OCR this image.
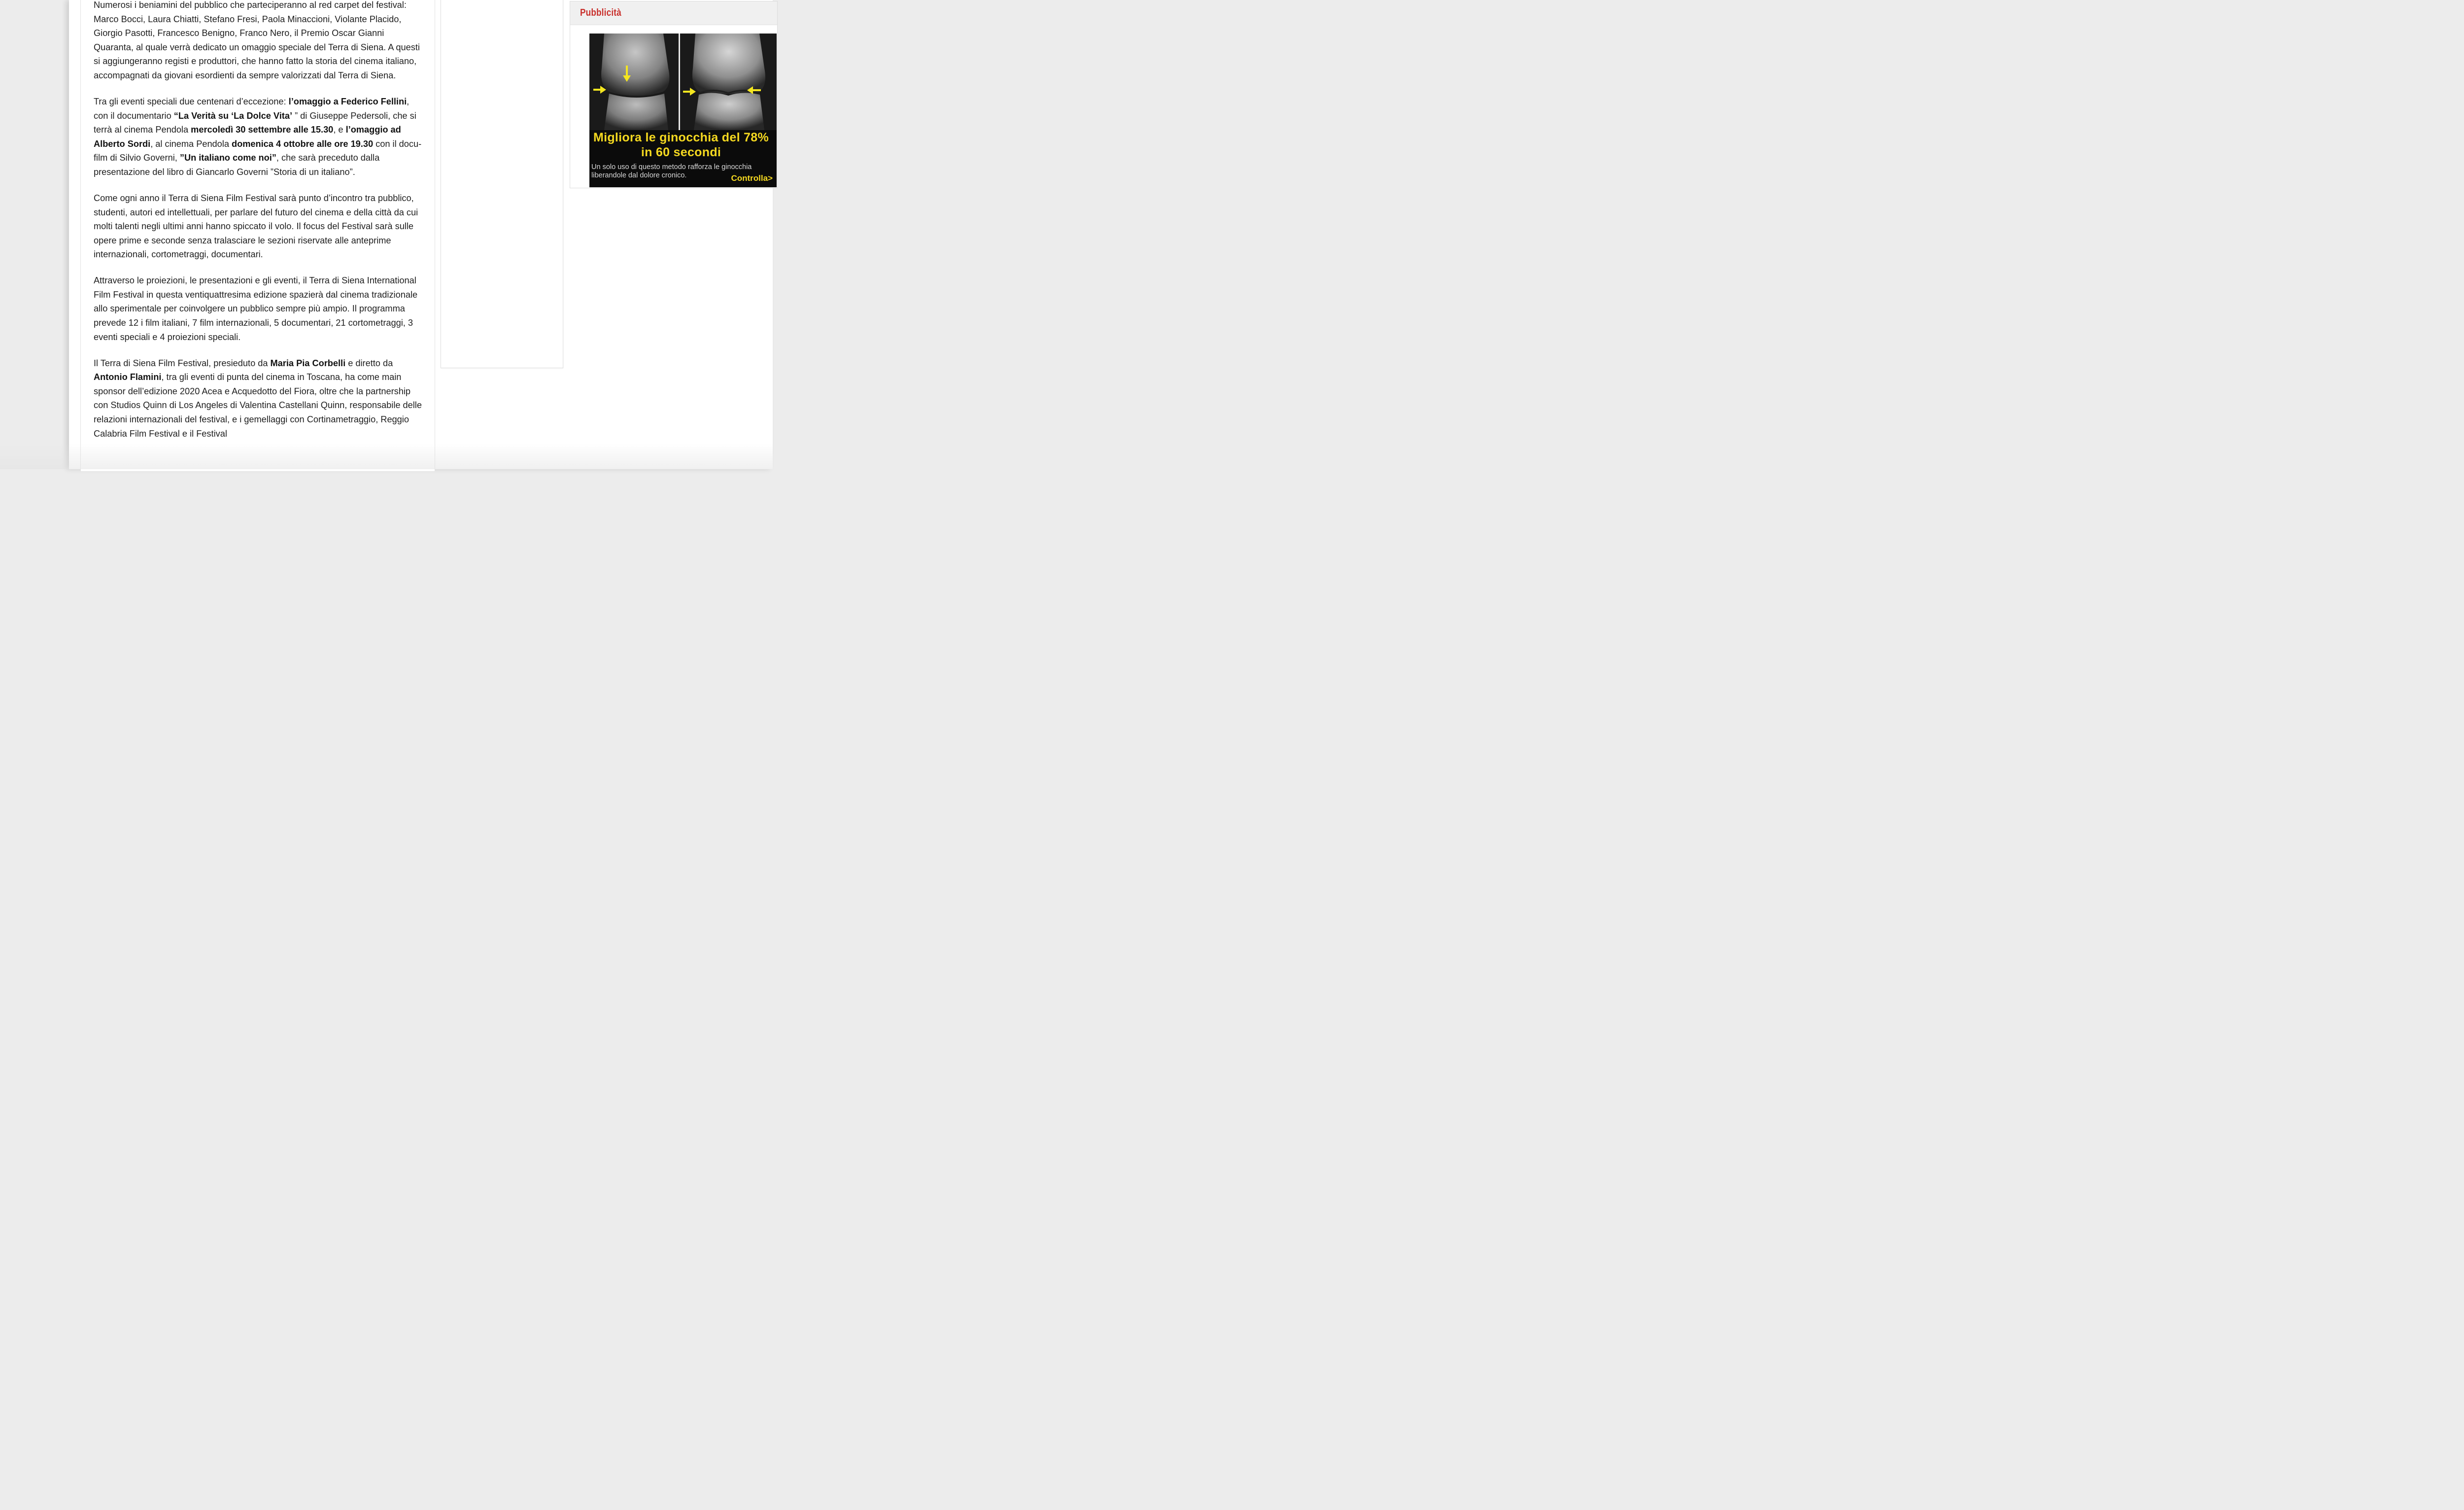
Numerosi i beniamini del pubblico che parteciperanno al red carpet del festival: Marco Bocci, Laura Chiatti, Stefano Fresi, Paola Minaccioni, Violante Placido, Giorgio Pasotti, Francesco Benigno, Franco Nero, il Premio Oscar Gianni Quaranta, al quale verrà dedicato un omaggio speciale del Terra di Siena. A questi si aggiungeranno registi e produttori, che hanno fatto la storia del cinema italiano, accompagnati da giovani esordienti da sempre valorizzati dal Terra di Siena.

Tra gli eventi speciali due centenari d’eccezione: l’omaggio a Federico Fellini, con il documentario “La Verità su ‘La Dolce Vita’ ” di Giuseppe Pedersoli, che si terrà al cinema Pendola mercoledì 30 settembre alle 15.30, e l’omaggio ad Alberto Sordi, al cinema Pendola domenica 4 ottobre alle ore 19.30 con il docu-film di Silvio Governi, ”Un italiano come noi”, che sarà preceduto dalla presentazione del libro di Giancarlo Governi ”Storia di un italiano”.

Come ogni anno il Terra di Siena Film Festival sarà punto d’incontro tra pubblico, studenti, autori ed intellettuali, per parlare del futuro del cinema e della città da cui molti talenti negli ultimi anni hanno spiccato il volo. Il focus del Festival sarà sulle opere prime e seconde senza tralasciare le sezioni riservate alle anteprime internazionali, cortometraggi, documentari.

Attraverso le proiezioni, le presentazioni e gli eventi, il Terra di Siena International Film Festival in questa ventiquattresima edizione spazierà dal cinema tradizionale allo sperimentale per coinvolgere un pubblico sempre più ampio. Il programma prevede 12 i film italiani, 7 film internazionali, 5 documentari, 21 cortometraggi, 3 eventi speciali e 4 proiezioni speciali.

Il Terra di Siena Film Festival, presieduto da Maria Pia Corbelli e diretto da Antonio Flamini, tra gli eventi di punta del cinema in Toscana, ha come main sponsor dell’edizione 2020 Acea e Acquedotto del Fiora, oltre che la partnership con Studios Quinn di Los Angeles di Valentina Castellani Quinn, responsabile delle relazioni internazionali del festival, e i gemellaggi con Cortinametraggio, Reggio Calabria Film Festival e il Festival

Pubblicità
Migliora le ginocchia del 78% in 60 secondi
Un solo uso di questo metodo rafforza le ginocchia liberandole dal dolore cronico.	Controlla>
